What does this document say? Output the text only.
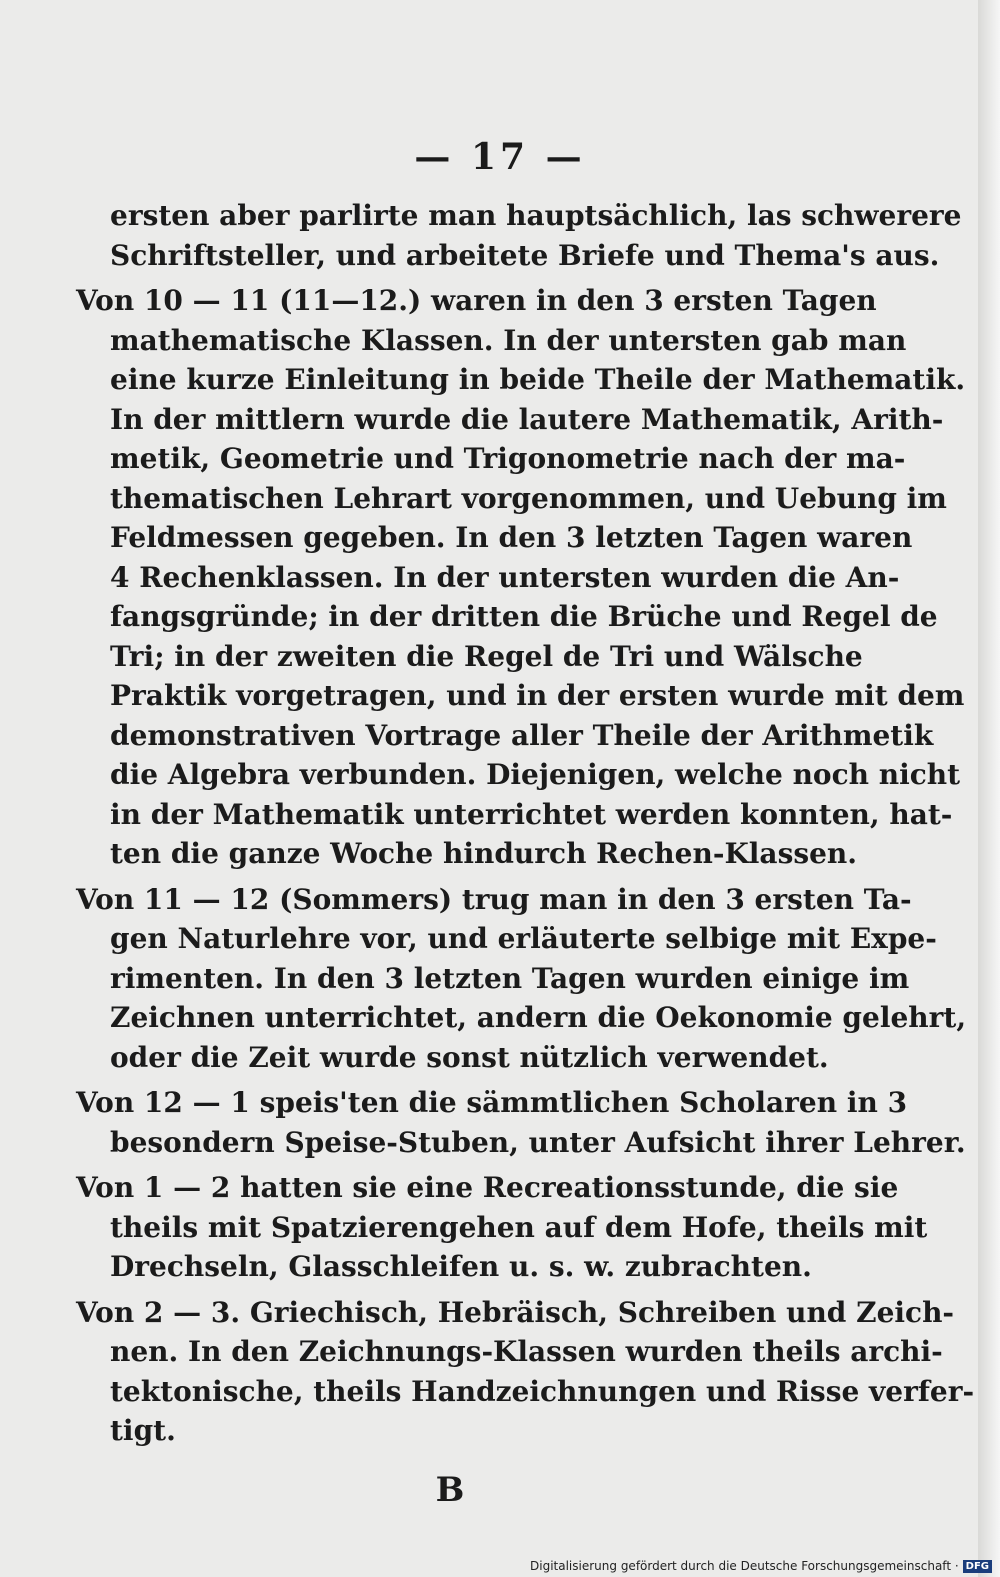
— 17 —
ersten aber parlirte man hauptsächlich, las schwerere
Schriftsteller, und arbeitete Briefe und Thema's aus.
Von 10 — 11 (11—12.) waren in den 3 ersten Tagen
mathematische Klassen. In der untersten gab man
eine kurze Einleitung in beide Theile der Mathematik.
In der mittlern wurde die lautere Mathematik, Arith-
metik, Geometrie und Trigonometrie nach der ma-
thematischen Lehrart vorgenommen, und Uebung im
Feldmessen gegeben. In den 3 letzten Tagen waren
4 Rechenklassen. In der untersten wurden die An-
fangsgründe; in der dritten die Brüche und Regel de
Tri; in der zweiten die Regel de Tri und Wälsche
Praktik vorgetragen, und in der ersten wurde mit dem
demonstrativen Vortrage aller Theile der Arithmetik
die Algebra verbunden. Diejenigen, welche noch nicht
in der Mathematik unterrichtet werden konnten, hat-
ten die ganze Woche hindurch Rechen-Klassen.
Von 11 — 12 (Sommers) trug man in den 3 ersten Ta-
gen Naturlehre vor, und erläuterte selbige mit Expe-
rimenten. In den 3 letzten Tagen wurden einige im
Zeichnen unterrichtet, andern die Oekonomie gelehrt,
oder die Zeit wurde sonst nützlich verwendet.
Von 12 — 1 speis'ten die sämmtlichen Scholaren in 3
besondern Speise-Stuben, unter Aufsicht ihrer Lehrer.
Von 1 — 2 hatten sie eine Recreationsstunde, die sie
theils mit Spatzierengehen auf dem Hofe, theils mit
Drechseln, Glasschleifen u. s. w. zubrachten.
Von 2 — 3. Griechisch, Hebräisch, Schreiben und Zeich-
nen. In den Zeichnungs-Klassen wurden theils archi-
tektonische, theils Handzeichnungen und Risse verfer-
tigt.
B
Digitalisierung gefördert durch die Deutsche Forschungsgemeinschaft · DFG
